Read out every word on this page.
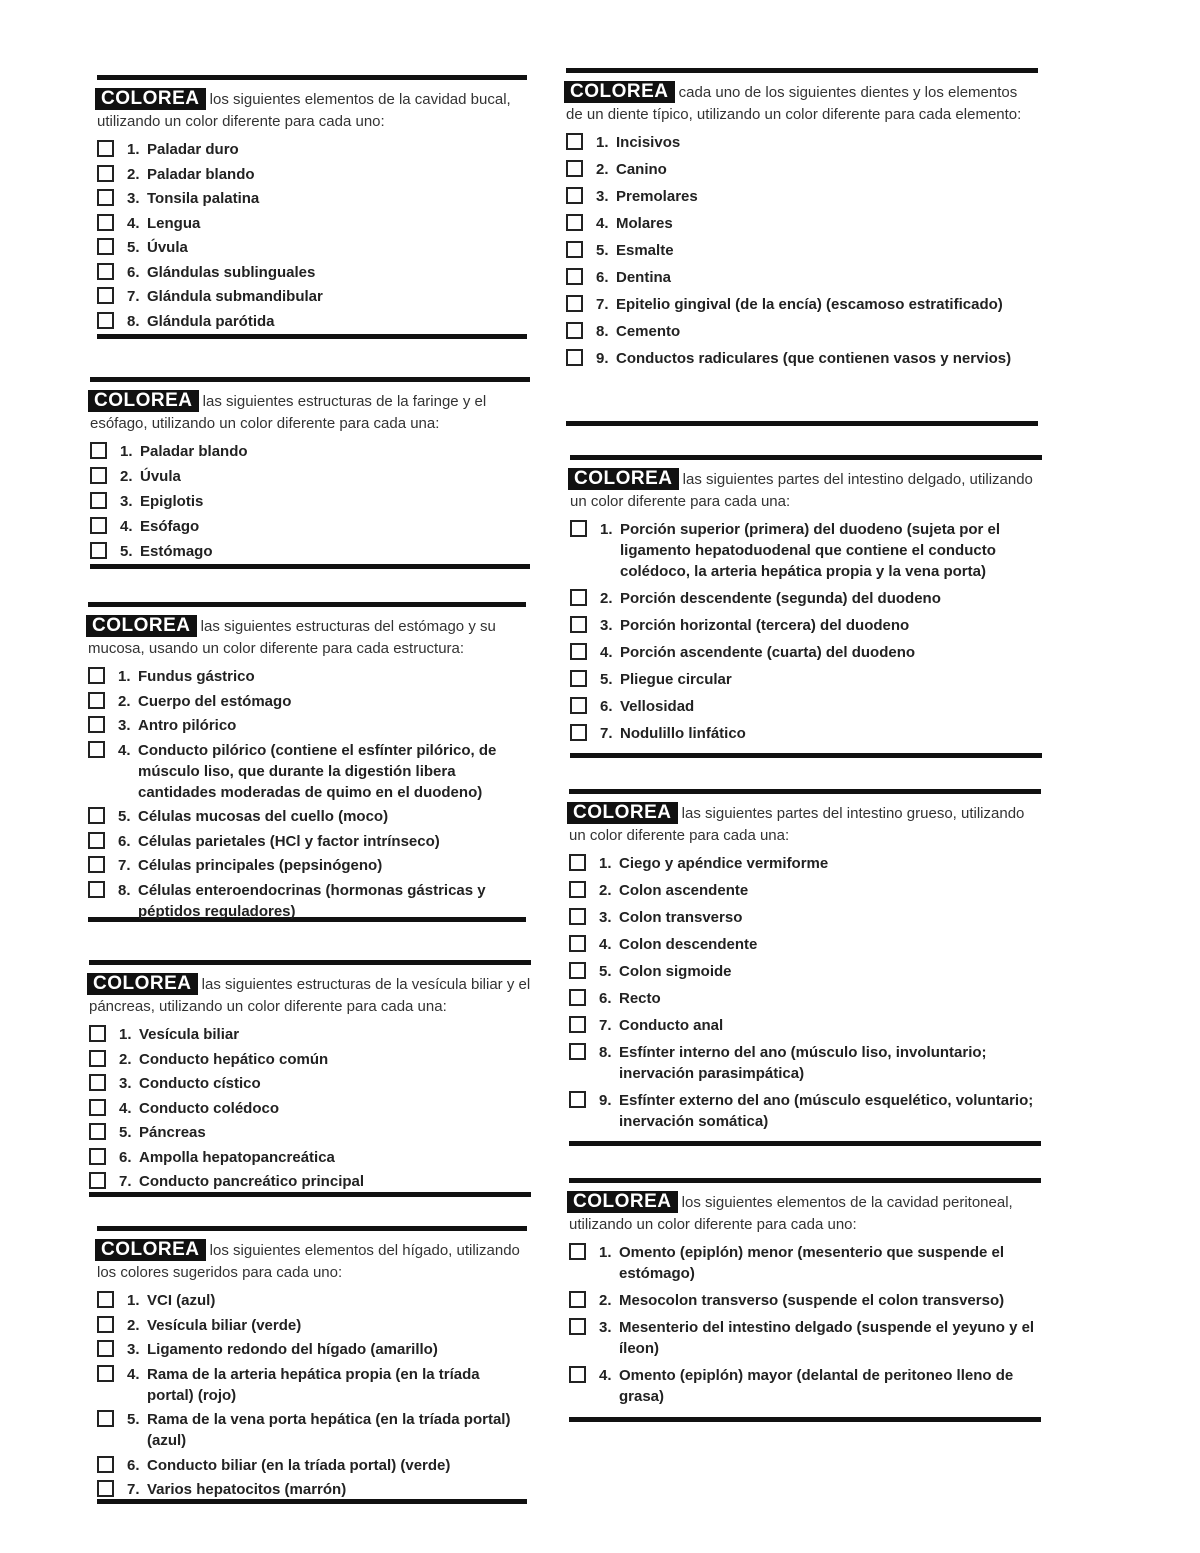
COLOREA los siguientes elementos de la cavidad bucal, utilizando un color diferente para cada uno:
1. Paladar duro
2. Paladar blando
3. Tonsila palatina
4. Lengua
5. Úvula
6. Glándulas sublinguales
7. Glándula submandibular
8. Glándula parótida
COLOREA las siguientes estructuras de la faringe y el esófago, utilizando un color diferente para cada una:
1. Paladar blando
2. Úvula
3. Epiglotis
4. Esófago
5. Estómago
COLOREA las siguientes estructuras del estómago y su mucosa, usando un color diferente para cada estructura:
1. Fundus gástrico
2. Cuerpo del estómago
3. Antro pilórico
4. Conducto pilórico (contiene el esfínter pilórico, de músculo liso, que durante la digestión libera cantidades moderadas de quimo en el duodeno)
5. Células mucosas del cuello (moco)
6. Células parietales (HCl y factor intrínseco)
7. Células principales (pepsinógeno)
8. Células enteroendocrinas (hormonas gástricas y péptidos reguladores)
COLOREA las siguientes estructuras de la vesícula biliar y el páncreas, utilizando un color diferente para cada una:
1. Vesícula biliar
2. Conducto hepático común
3. Conducto cístico
4. Conducto colédoco
5. Páncreas
6. Ampolla hepatopancreática
7. Conducto pancreático principal
COLOREA los siguientes elementos del hígado, utilizando los colores sugeridos para cada uno:
1. VCI (azul)
2. Vesícula biliar (verde)
3. Ligamento redondo del hígado (amarillo)
4. Rama de la arteria hepática propia (en la tríada portal) (rojo)
5. Rama de la vena porta hepática (en la tríada portal) (azul)
6. Conducto biliar (en la tríada portal) (verde)
7. Varios hepatocitos (marrón)
COLOREA cada uno de los siguientes dientes y los elementos de un diente típico, utilizando un color diferente para cada elemento:
1. Incisivos
2. Canino
3. Premolares
4. Molares
5. Esmalte
6. Dentina
7. Epitelio gingival (de la encía) (escamoso estratificado)
8. Cemento
9. Conductos radiculares (que contienen vasos y nervios)
COLOREA las siguientes partes del intestino delgado, utilizando un color diferente para cada una:
1. Porción superior (primera) del duodeno (sujeta por el ligamento hepatoduodenal que contiene el conducto colédoco, la arteria hepática propia y la vena porta)
2. Porción descendente (segunda) del duodeno
3. Porción horizontal (tercera) del duodeno
4. Porción ascendente (cuarta) del duodeno
5. Pliegue circular
6. Vellosidad
7. Nodulillo linfático
COLOREA las siguientes partes del intestino grueso, utilizando un color diferente para cada una:
1. Ciego y apéndice vermiforme
2. Colon ascendente
3. Colon transverso
4. Colon descendente
5. Colon sigmoide
6. Recto
7. Conducto anal
8. Esfínter interno del ano (músculo liso, involuntario; inervación parasimpática)
9. Esfínter externo del ano (músculo esquelético, voluntario; inervación somática)
COLOREA los siguientes elementos de la cavidad peritoneal, utilizando un color diferente para cada uno:
1. Omento (epiplón) menor (mesenterio que suspende el estómago)
2. Mesocolon transverso (suspende el colon transverso)
3. Mesenterio del intestino delgado (suspende el yeyuno y el íleon)
4. Omento (epiplón) mayor (delantal de peritoneo lleno de grasa)
